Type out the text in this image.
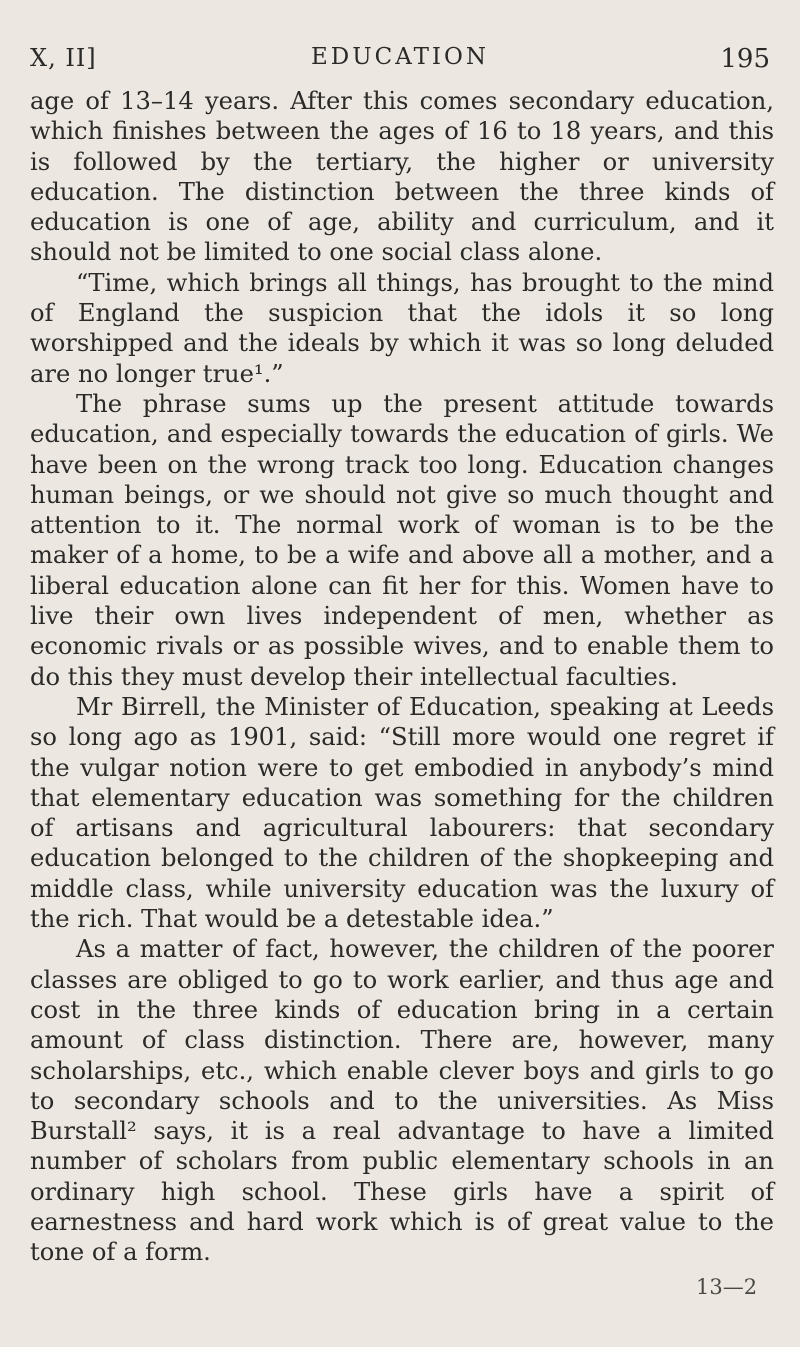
X, II]	EDUCATION	195

age of 13–14 years. After this comes secondary education, which finishes between the ages of 16 to 18 years, and this is followed by the tertiary, the higher or university education. The distinction between the three kinds of education is one of age, ability and curriculum, and it should not be limited to one social class alone.

“Time, which brings all things, has brought to the mind of England the suspicion that the idols it so long worshipped and the ideals by which it was so long deluded are no longer true¹.”

The phrase sums up the present attitude towards education, and especially towards the education of girls. We have been on the wrong track too long. Education changes human beings, or we should not give so much thought and attention to it. The normal work of woman is to be the maker of a home, to be a wife and above all a mother, and a liberal education alone can fit her for this. Women have to live their own lives independent of men, whether as economic rivals or as possible wives, and to enable them to do this they must develop their intellectual faculties.

Mr Birrell, the Minister of Education, speaking at Leeds so long ago as 1901, said: “Still more would one regret if the vulgar notion were to get embodied in anybody’s mind that elementary education was something for the children of artisans and agricultural labourers: that secondary education belonged to the children of the shopkeeping and middle class, while university education was the luxury of the rich. That would be a detestable idea.”

As a matter of fact, however, the children of the poorer classes are obliged to go to work earlier, and thus age and cost in the three kinds of education bring in a certain amount of class distinction. There are, however, many scholarships, etc., which enable clever boys and girls to go to secondary schools and to the universities. As Miss Burstall² says, it is a real advantage to have a limited number of scholars from public elementary schools in an ordinary high school. These girls have a spirit of earnestness and hard work which is of great value to the tone of a form.

13—2
